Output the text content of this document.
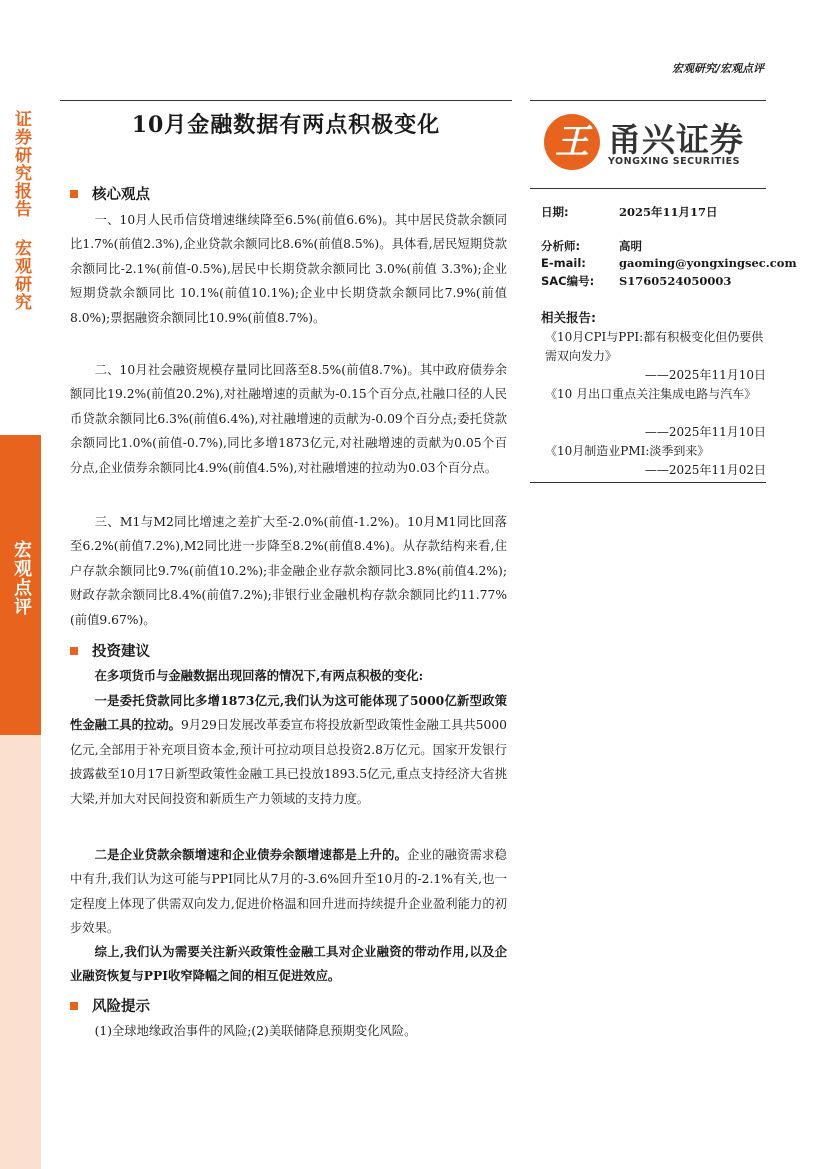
证券研究报告 宏观研究
宏观点评
宏观研究/宏观点评
10月金融数据有两点积极变化	王 甬兴证券
YONGXING SECURITIES
日期:	2025年11月17日
分析师:	高明
E-mail:	gaoming@yongxingsec.com
SAC编号: S1760524050003
相关报告:
《10月CPI与PPI:都有积极变化但仍要供需双向发力》
——2025年11月10日
《10 月出口重点关注集成电路与汽车》
——2025年11月10日
《10月制造业PMI:淡季到来》
——2025年11月02日
核心观点

一、10月人民币信贷增速继续降至6.5%(前值6.6%)。其中居民贷款余额同比1.7%(前值2.3%),企业贷款余额同比8.6%(前值8.5%)。具体看,居民短期贷款余额同比-2.1%(前值-0.5%),居民中长期贷款余额同比 3.0%(前值 3.3%);企业短期贷款余额同比 10.1%(前值10.1%);企业中长期贷款余额同比7.9%(前值8.0%);票据融资余额同比10.9%(前值8.7%)。

二、10月社会融资规模存量同比回落至8.5%(前值8.7%)。其中政府债券余额同比19.2%(前值20.2%),对社融增速的贡献为-0.15个百分点,社融口径的人民币贷款余额同比6.3%(前值6.4%),对社融增速的贡献为-0.09个百分点;委托贷款余额同比1.0%(前值-0.7%),同比多增1873亿元,对社融增速的贡献为0.05个百分点,企业债券余额同比4.9%(前值4.5%),对社融增速的拉动为0.03个百分点。

三、M1与M2同比增速之差扩大至-2.0%(前值-1.2%)。10月M1同比回落至6.2%(前值7.2%),M2同比进一步降至8.2%(前值8.4%)。从存款结构来看,住户存款余额同比9.7%(前值10.2%);非金融企业存款余额同比3.8%(前值4.2%);财政存款余额同比8.4%(前值7.2%);非银行业金融机构存款余额同比约11.77%(前值9.67%)。

投资建议

在多项货币与金融数据出现回落的情况下,有两点积极的变化:

一是委托贷款同比多增1873亿元,我们认为这可能体现了5000亿新型政策性金融工具的拉动。9月29日发展改革委宣布将投放新型政策性金融工具共5000亿元,全部用于补充项目资本金,预计可拉动项目总投资2.8万亿元。国家开发银行披露截至10月17日新型政策性金融工具已投放1893.5亿元,重点支持经济大省挑大梁,并加大对民间投资和新质生产力领域的支持力度。

二是企业贷款余额增速和企业债券余额增速都是上升的。企业的融资需求稳中有升,我们认为这可能与PPI同比从7月的-3.6%回升至10月的-2.1%有关,也一定程度上体现了供需双向发力,促进价格温和回升进而持续提升企业盈利能力的初步效果。

综上,我们认为需要关注新兴政策性金融工具对企业融资的带动作用,以及企业融资恢复与PPI收窄降幅之间的相互促进效应。

风险提示

(1)全球地缘政治事件的风险;(2)美联储降息预期变化风险。
